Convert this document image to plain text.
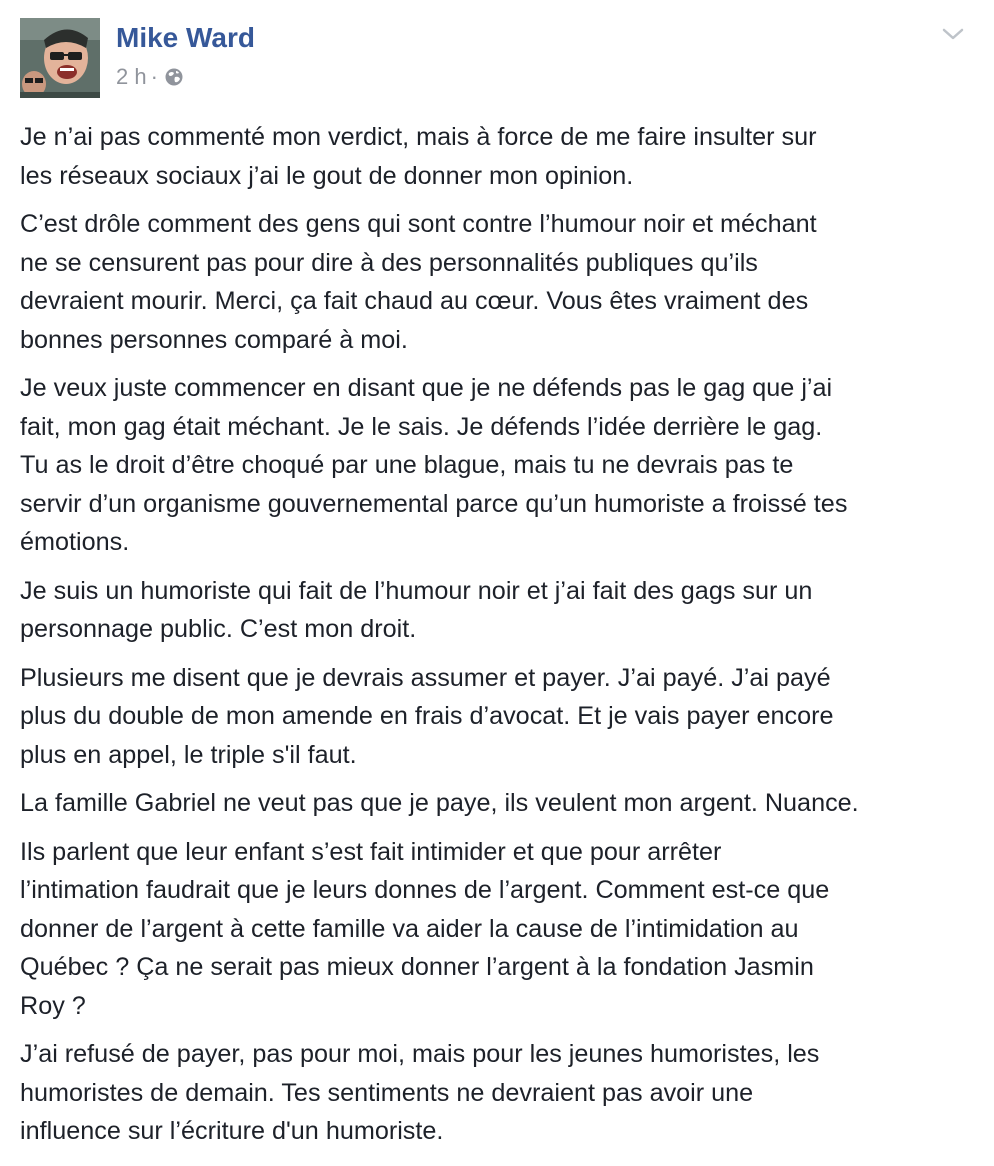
Mike Ward
2 h ·

Je n’ai pas commenté mon verdict, mais à force de me faire insulter sur
les réseaux sociaux j’ai le gout de donner mon opinion.

C’est drôle comment des gens qui sont contre l’humour noir et méchant
ne se censurent pas pour dire à des personnalités publiques qu’ils
devraient mourir. Merci, ça fait chaud au cœur. Vous êtes vraiment des
bonnes personnes comparé à moi.

Je veux juste commencer en disant que je ne défends pas le gag que j’ai
fait, mon gag était méchant. Je le sais. Je défends l’idée derrière le gag.
Tu as le droit d’être choqué par une blague, mais tu ne devrais pas te
servir d’un organisme gouvernemental parce qu’un humoriste a froissé tes
émotions.

Je suis un humoriste qui fait de l’humour noir et j’ai fait des gags sur un
personnage public. C’est mon droit.

Plusieurs me disent que je devrais assumer et payer. J’ai payé. J’ai payé
plus du double de mon amende en frais d’avocat. Et je vais payer encore
plus en appel, le triple s'il faut.

La famille Gabriel ne veut pas que je paye, ils veulent mon argent. Nuance.

Ils parlent que leur enfant s’est fait intimider et que pour arrêter
l’intimation faudrait que je leurs donnes de l’argent. Comment est-ce que
donner de l’argent à cette famille va aider la cause de l’intimidation au
Québec ? Ça ne serait pas mieux donner l’argent à la fondation Jasmin
Roy ?

J’ai refusé de payer, pas pour moi, mais pour les jeunes humoristes, les
humoristes de demain. Tes sentiments ne devraient pas avoir une
influence sur l’écriture d'un humoriste.
